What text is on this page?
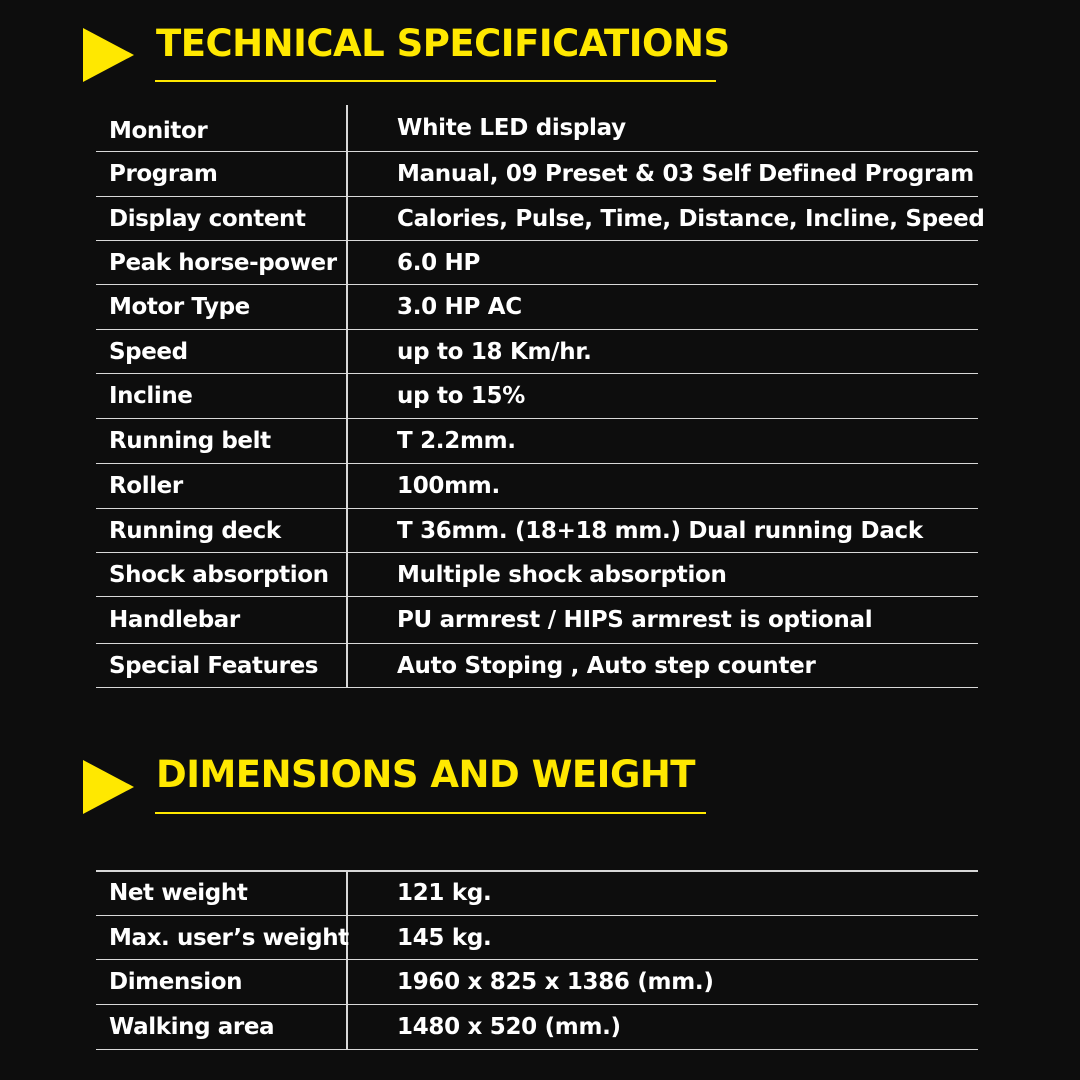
TECHNICAL SPECIFICATIONS
Monitor	White LED display
Program	Manual, 09 Preset & 03 Self Defined Program
Display content	Calories, Pulse, Time, Distance, Incline, Speed
Peak horse-power	6.0 HP
Motor Type	3.0 HP AC
Speed	up to 18 Km/hr.
Incline	up to 15%
Running belt	T 2.2mm.
Roller	100mm.
Running deck	T 36mm. (18+18 mm.) Dual running Dack
Shock absorption	Multiple shock absorption
Handlebar	PU armrest / HIPS armrest is optional
Special Features	Auto Stoping , Auto step counter
DIMENSIONS AND WEIGHT
Net weight	121 kg.
Max. user’s weight 145 kg.
Dimension	1960 x 825 x 1386 (mm.)
Walking area	1480 x 520 (mm.)
